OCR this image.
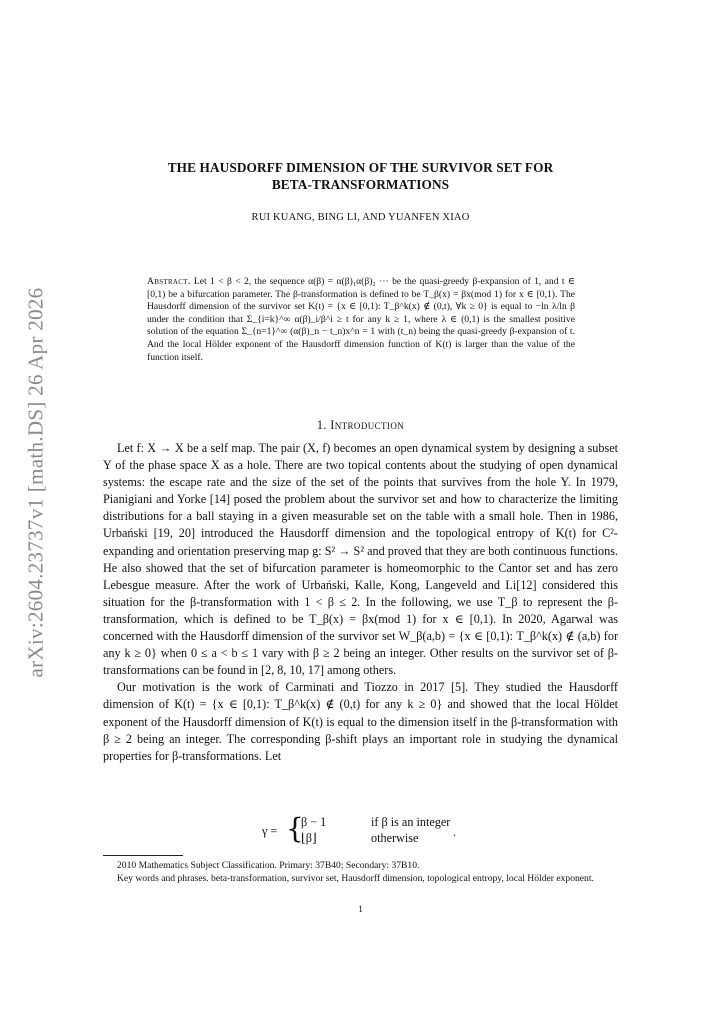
arXiv:2604.23737v1 [math.DS] 26 Apr 2026
THE HAUSDORFF DIMENSION OF THE SURVIVOR SET FOR
BETA-TRANSFORMATIONS
RUI KUANG, BING LI, AND YUANFEN XIAO
Abstract. Let 1 < β < 2, the sequence α(β) = α(β)₁α(β)₂ ··· be the quasi-greedy β-expansion of 1, and t ∈ [0,1) be a bifurcation parameter. The β-transformation is defined to be T_β(x) = βx(mod 1) for x ∈ [0,1). The Hausdorff dimension of the survivor set K(t) = {x ∈ [0,1): T_β^k(x) ∉ (0,t), ∀k ≥ 0} is equal to −ln λ/ln β under the condition that Σ_{i=k}^∞ α(β)_i/β^i ≥ t for any k ≥ 1, where λ ∈ (0,1) is the smallest positive solution of the equation Σ_{n=1}^∞ (α(β)_n − t_n)x^n = 1 with (t_n) being the quasi-greedy β-expansion of t. And the local Hölder exponent of the Hausdorff dimension function of K(t) is larger than the value of the function itself.
1. Introduction

Let f: X → X be a self map. The pair (X, f) becomes an open dynamical system by designing a subset Y of the phase space X as a hole. There are two topical contents about the studying of open dynamical systems: the escape rate and the size of the set of the points that survives from the hole Y. In 1979, Pianigiani and Yorke [14] posed the problem about the survivor set and how to characterize the limiting distributions for a ball staying in a given measurable set on the table with a small hole. Then in 1986, Urbański [19, 20] introduced the Hausdorff dimension and the topological entropy of K(t) for C²-expanding and orientation preserving map g: S² → S² and proved that they are both continuous functions. He also showed that the set of bifurcation parameter is homeomorphic to the Cantor set and has zero Lebesgue measure. After the work of Urbański, Kalle, Kong, Langeveld and Li[12] considered this situation for the β-transformation with 1 < β ≤ 2. In the following, we use T_β to represent the β-transformation, which is defined to be T_β(x) = βx(mod 1) for x ∈ [0,1). In 2020, Agarwal was concerned with the Hausdorff dimension of the survivor set W_β(a,b) = {x ∈ [0,1): T_β^k(x) ∉ (a,b) for any k ≥ 0} when 0 ≤ a < b ≤ 1 vary with β ≥ 2 being an integer. Other results on the survivor set of β-transformations can be found in [2, 8, 10, 17] among others.

Our motivation is the work of Carminati and Tiozzo in 2017 [5]. They studied the Hausdorff dimension of K(t) = {x ∈ [0,1): T_β^k(x) ∉ (0,t) for any k ≥ 0} and showed that the local Höldet exponent of the Hausdorff dimension of K(t) is equal to the dimension itself in the β-transformation with β ≥ 2 being an integer. The corresponding β-shift plays an important role in studying the dynamical properties for β-transformations. Let

γ = {
β − 1	if β is an integer
⌊β⌋	otherwise	.

2010 Mathematics Subject Classification. Primary: 37B40; Secondary: 37B10.

Key words and phrases. beta-transformation, survivor set, Hausdorff dimension, topological entropy, local Hölder exponent.

1
